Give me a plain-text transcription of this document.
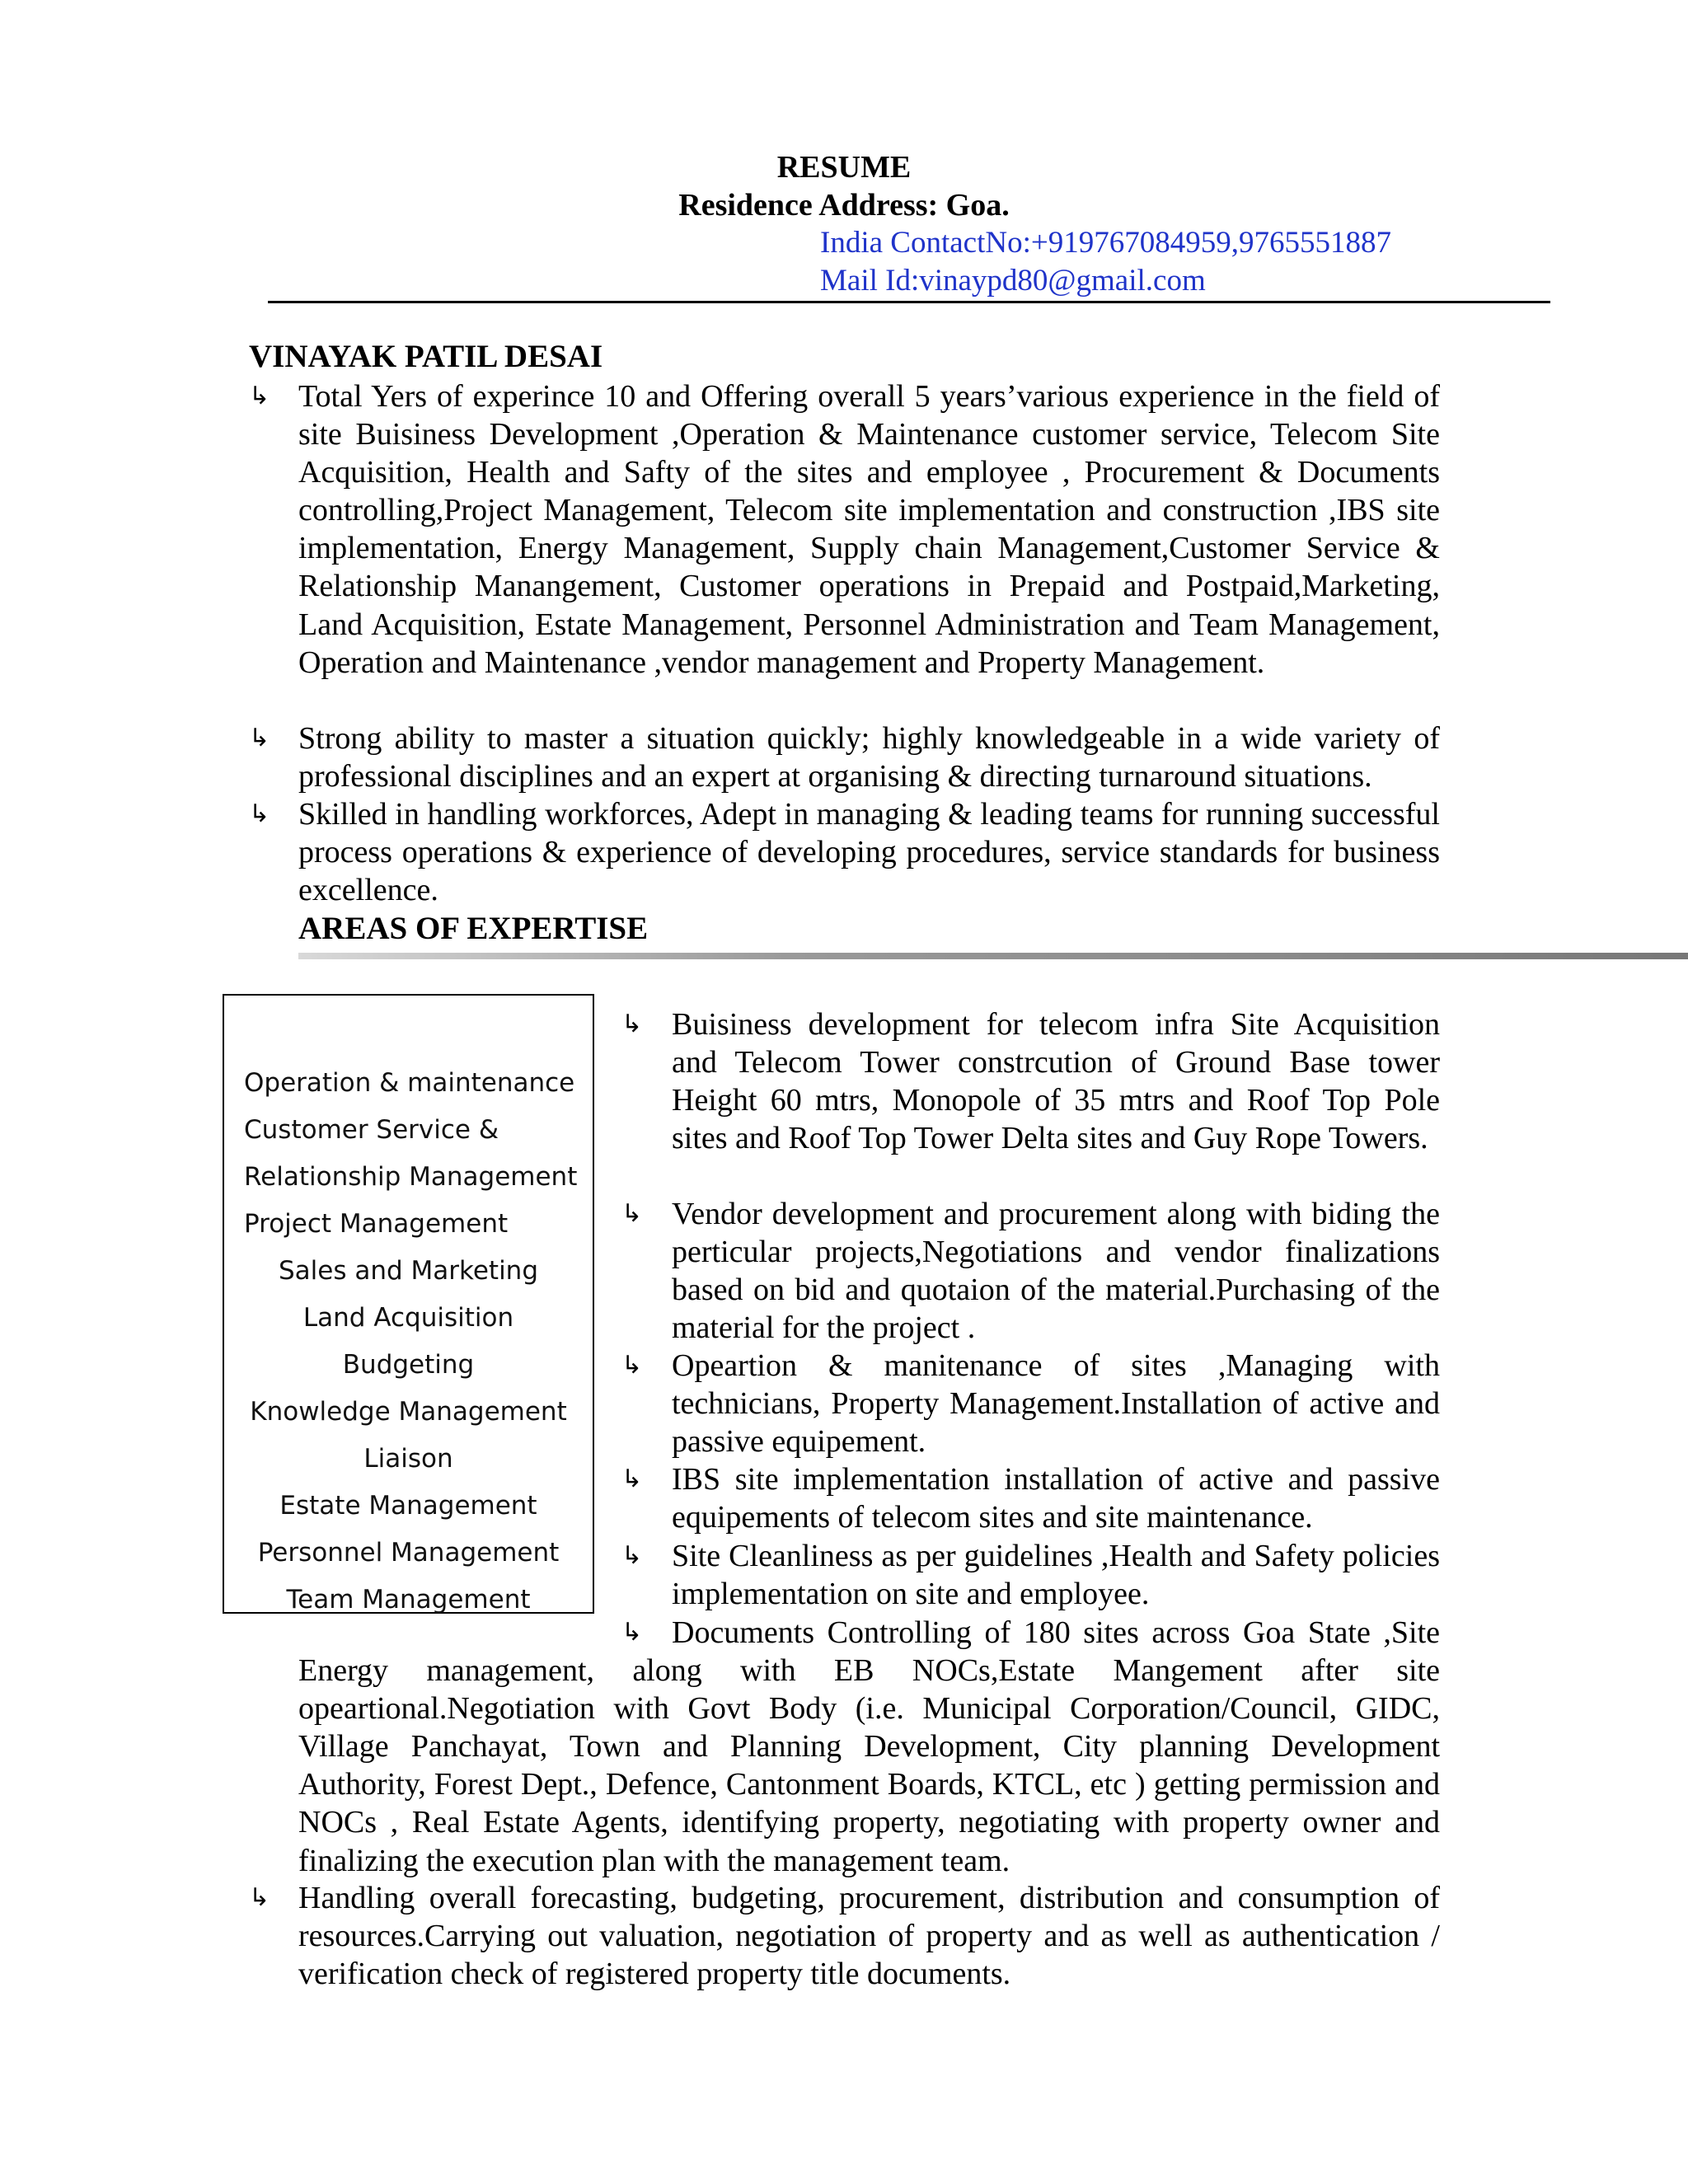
RESUME
Residence Address: Goa.
India ContactNo:+919767084959,9765551887
Mail Id:vinaypd80@gmail.com
VINAYAK PATIL DESAI
↳ Total Yers of experince 10 and Offering overall 5 years’various experience in the field of site Buisiness Development ,Operation & Maintenance customer service, Telecom Site Acquisition, Health and Safty of the sites and employee , Procurement & Documents controlling,Project Management, Telecom site implementation and construction ,IBS site implementation, Energy Management, Supply chain Management,Customer Service & Relationship Manangement, Customer operations in Prepaid and Postpaid,Marketing, Land Acquisition, Estate Management, Personnel Administration and Team Management, Operation and Maintenance ,vendor management and Property Management.
↳ Strong ability to master a situation quickly; highly knowledgeable in a wide variety of professional disciplines and an expert at organising & directing turnaround situations.
↳ Skilled in handling workforces, Adept in managing & leading teams for running successful process operations & experience of developing procedures, service standards for business excellence.
AREAS OF EXPERTISE
Operation & maintenance
Customer Service &
Relationship Management
Project Management
Sales and Marketing
Land Acquisition
Budgeting
Knowledge Management
Liaison
Estate Management
Personnel Management
Team Management
↳ Buisiness development for telecom infra Site Acquisition and Telecom Tower constrcution of Ground Base tower Height 60 mtrs, Monopole of 35 mtrs and Roof Top Pole sites and Roof Top Tower Delta sites and Guy Rope Towers.
↳ Vendor development and procurement along with biding the perticular projects,Negotiations and vendor finalizations based on bid and quotaion of the material.Purchasing of the material for the project .
↳ Opeartion & manitenance of sites ,Managing with technicians, Property Management.Installation of active and passive equipement.
↳ IBS site implementation installation of active and passive equipements of telecom sites and site maintenance.
↳ Site Cleanliness as per guidelines ,Health and Safety policies implementation on site and employee.
↳ Documents Controlling of 180 sites across Goa State ,Site Energy management, along with EB NOCs,Estate Mangement after site opeartional.Negotiation with Govt Body (i.e. Municipal Corporation/Council, GIDC, Village Panchayat, Town and Planning Development, City planning Development Authority, Forest Dept., Defence, Cantonment Boards, KTCL, etc ) getting permission and NOCs , Real Estate Agents, identifying property, negotiating with property owner and finalizing the execution plan with the management team.
↳ Handling overall forecasting, budgeting, procurement, distribution and consumption of resources.Carrying out valuation, negotiation of property and as well as authentication / verification check of registered property title documents.
